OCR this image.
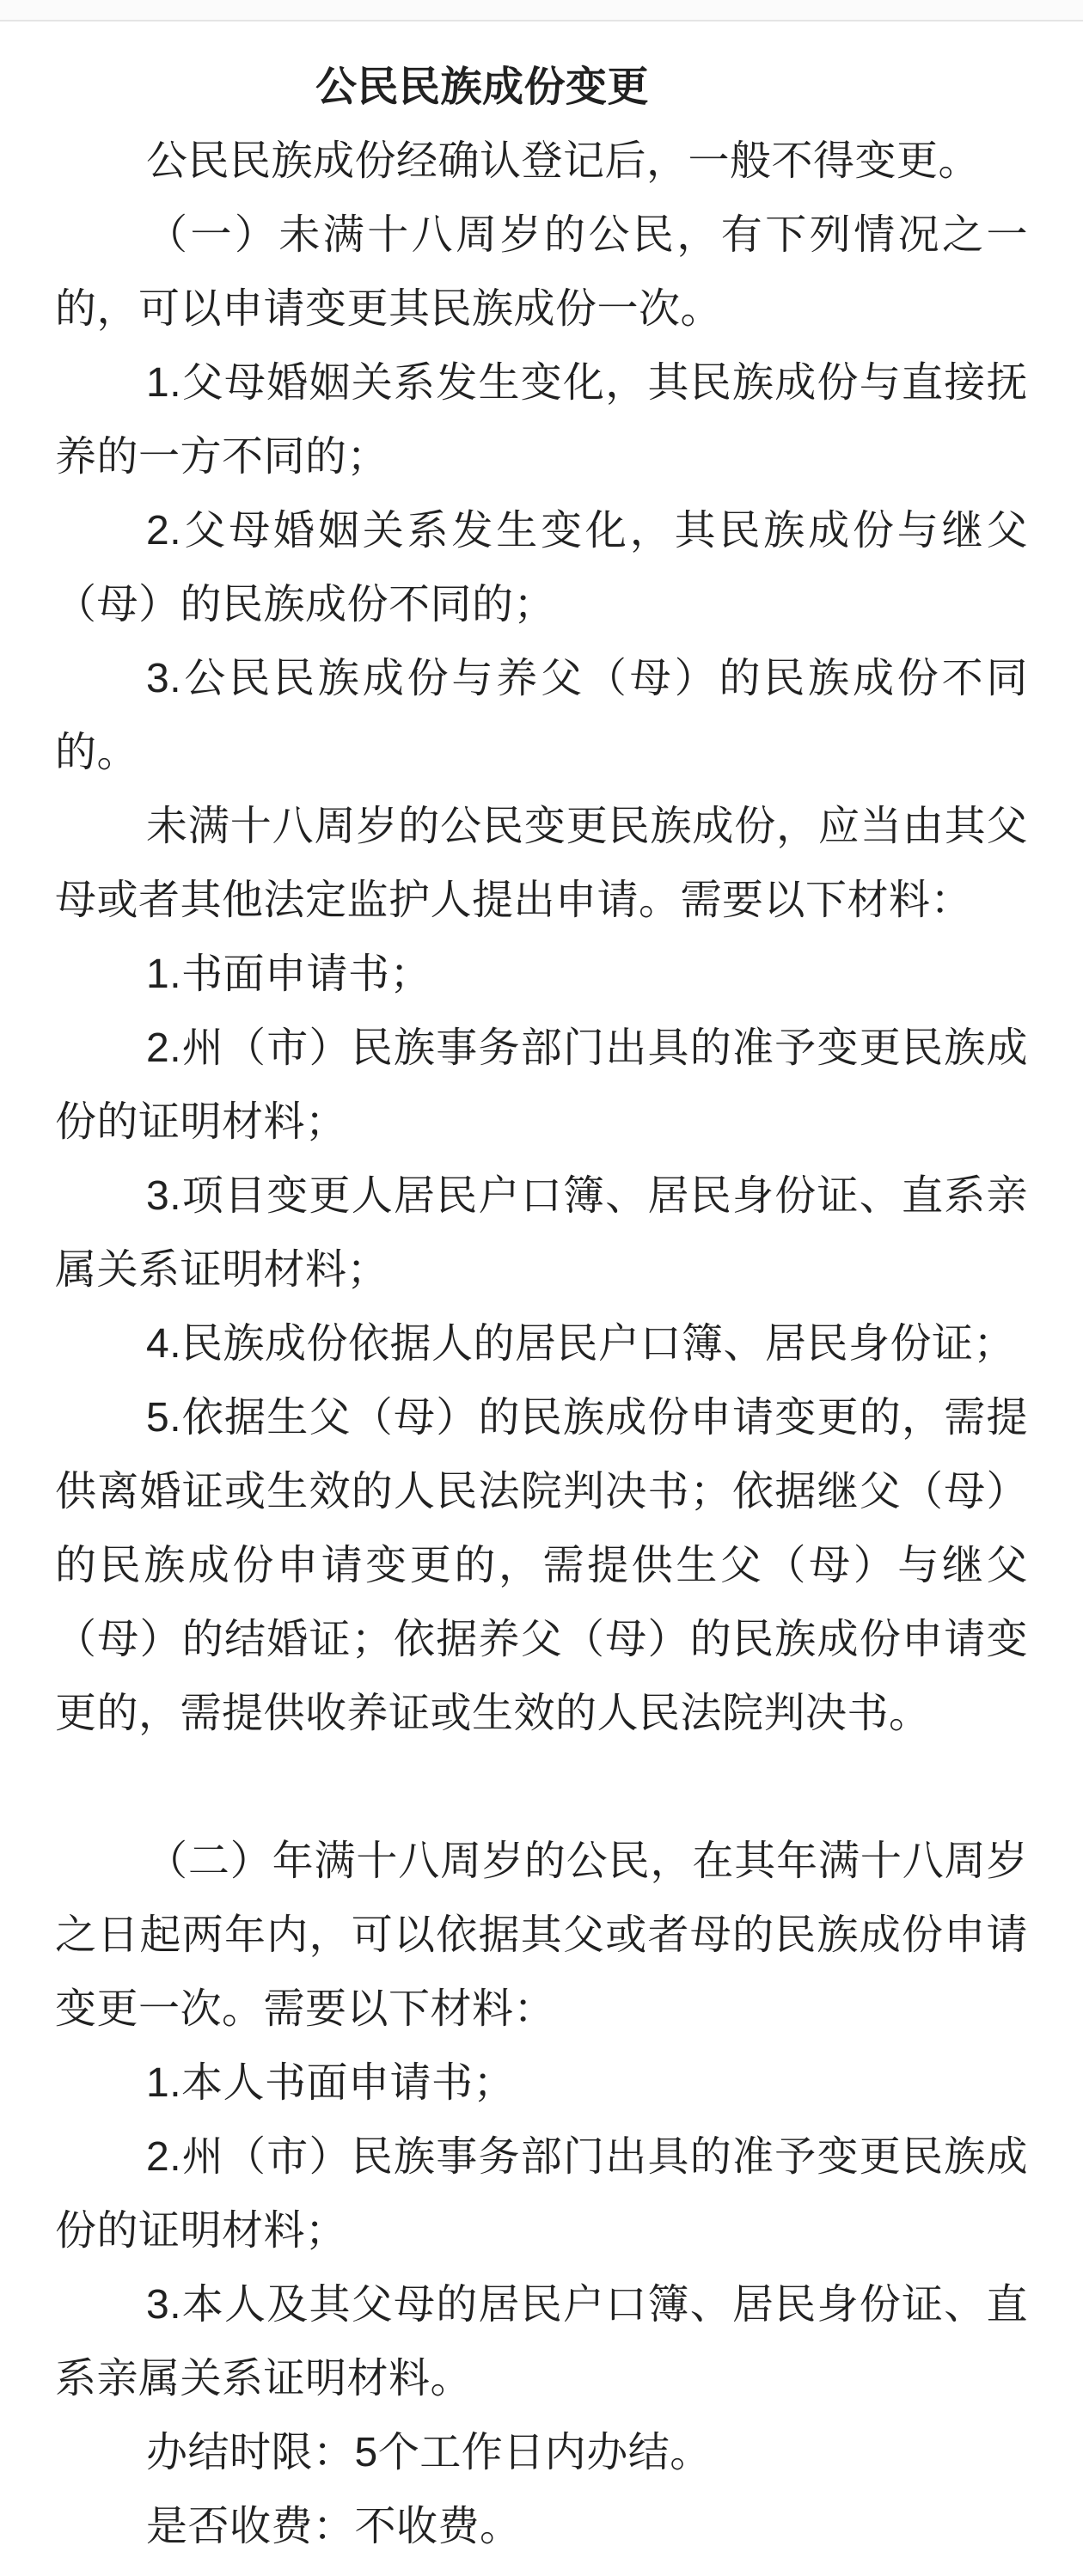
公民民族成份变更

公民民族成份经确认登记后，一般不得变更。

（一）未满十八周岁的公民，有下列情况之一的，可以申请变更其民族成份一次。

1.父母婚姻关系发生变化，其民族成份与直接抚养的一方不同的；

2.父母婚姻关系发生变化，其民族成份与继父（母）的民族成份不同的；

3.公民民族成份与养父（母）的民族成份不同的。

未满十八周岁的公民变更民族成份，应当由其父母或者其他法定监护人提出申请。需要以下材料：

1.书面申请书；

2.州（市）民族事务部门出具的准予变更民族成份的证明材料；

3.项目变更人居民户口簿、居民身份证、直系亲属关系证明材料；

4.民族成份依据人的居民户口簿、居民身份证；

5.依据生父（母）的民族成份申请变更的，需提供离婚证或生效的人民法院判决书；依据继父（母）的民族成份申请变更的，需提供生父（母）与继父（母）的结婚证；依据养父（母）的民族成份申请变更的，需提供收养证或生效的人民法院判决书。

（二）年满十八周岁的公民，在其年满十八周岁之日起两年内，可以依据其父或者母的民族成份申请变更一次。需要以下材料：

1.本人书面申请书；

2.州（市）民族事务部门出具的准予变更民族成份的证明材料；

3.本人及其父母的居民户口簿、居民身份证、直系亲属关系证明材料。

办结时限：5个工作日内办结。

是否收费：不收费。
